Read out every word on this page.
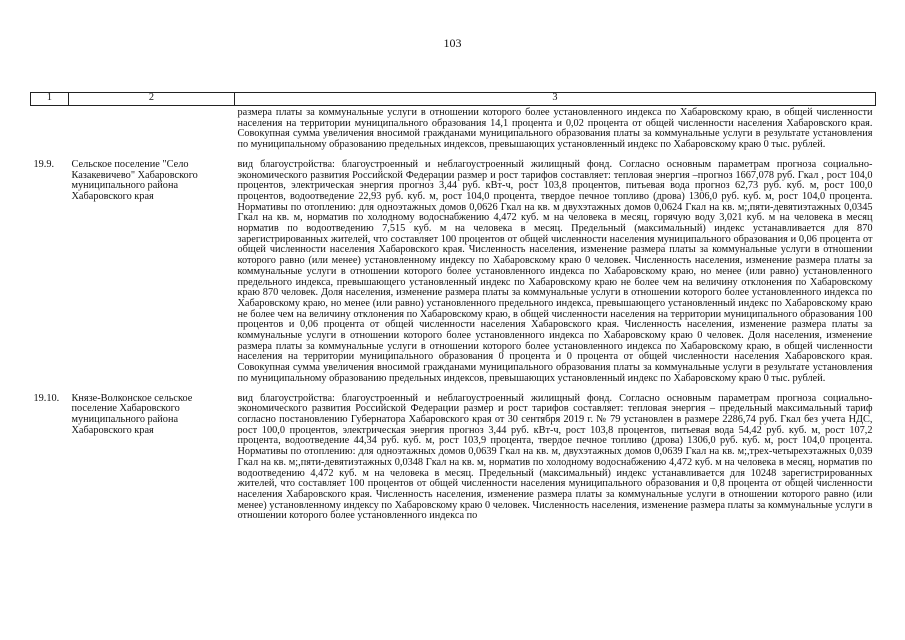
103
1	2	3
		размера платы за коммунальные услуги в отношении которого более установленного индекса по Хабаровскому краю, в общей численности населения на территории муниципального образования 14,1 процента и 0,02 процента от общей численности населения Хабаровского края. Совокупная сумма увеличения вносимой гражданами муниципального образования платы за коммунальные услуги в результате установления по муниципальному образованию предельных индексов, превышающих установленный индекс по Хабаровскому краю 0 тыс. рублей.
19.9.	Сельское поселение "Село Казакевичево" Хабаровского муниципального района Хабаровского края	вид благоустройства: благоустроенный и неблагоустроенный жилищный фонд. Согласно основным параметрам прогноза социально-экономического развития Российской Федерации размер и рост тарифов составляет: тепловая энергия –прогноз 1667,078 руб. Гкал , рост 104,0 процентов, электрическая энергия прогноз 3,44 руб. кВт-ч, рост 103,8 процентов, питьевая вода прогноз 62,73 руб. куб. м, рост 100,0 процентов, водоотведение 22,93 руб. куб. м, рост 104,0 процента, твердое печное топливо (дрова) 1306,0 руб. куб. м, рост 104,0 процента. Нормативы по отоплению: для одноэтажных домов 0,0626 Гкал на кв. м двухэтажных домов 0,0624 Гкал на кв. м;,пяти-девятиэтажных 0,0345 Гкал на кв. м, норматив по холодному водоснабжению 4,472 куб. м на человека в месяц, горячую воду 3,021 куб. м на человека в месяц норматив по водоотведению 7,515 куб. м на человека в месяц. Предельный (максимальный) индекс устанавливается для 870 зарегистрированных жителей, что составляет 100 процентов от общей численности населения муниципального образования и 0,06 процента от общей численности населения Хабаровского края. Численность населения, изменение размера платы за коммунальные услуги в отношении которого равно (или менее) установленному индексу по Хабаровскому краю 0 человек. Численность населения, изменение размера платы за коммунальные услуги в отношении которого более установленного индекса по Хабаровскому краю, но менее (или равно) установленного предельного индекса, превышающего установленный индекс по Хабаровскому краю не более чем на величину отклонения по Хабаровскому краю 870 человек. Доля населения, изменение размера платы за коммунальные услуги в отношении которого более установленного индекса по Хабаровскому краю, но менее (или равно) установленного предельного индекса, превышающего установленный индекс по Хабаровскому краю не более чем на величину отклонения по Хабаровскому краю, в общей численности населения на территории муниципального образования 100 процентов и 0,06 процента от общей численности населения Хабаровского края. Численность населения, изменение размера платы за коммунальные услуги в отношении которого более установленного индекса по Хабаровскому краю 0 человек. Доля населения, изменение размера платы за коммунальные услуги в отношении которого более установленного индекса по Хабаровскому краю, в общей численности населения на территории муниципального образования 0 процента и 0 процента от общей численности населения Хабаровского края. Совокупная сумма увеличения вносимой гражданами муниципального образования платы за коммунальные услуги в результате установления по муниципальному образованию предельных индексов, превышающих установленный индекс по Хабаровскому краю 0 тыс. рублей.
19.10.	Князе-Волконское сельское поселение Хабаровского муниципального района Хабаровского края	вид благоустройства: благоустроенный и неблагоустроенный жилищный фонд. Согласно основным параметрам прогноза социально-экономического развития Российской Федерации размер и рост тарифов составляет: тепловая энергия – предельный максимальный тариф согласно постановлению Губернатора Хабаровского края от 30 сентября 2019 г. № 79 установлен в размере 2286,74 руб. Гкал без учета НДС, рост 100,0 процентов, электрическая энергия прогноз 3,44 руб. кВт-ч, рост 103,8 процентов, питьевая вода 54,42 руб. куб. м, рост 107,2 процента, водоотведение 44,34 руб. куб. м, рост 103,9 процента, твердое печное топливо (дрова) 1306,0 руб. куб. м, рост 104,0 процента. Нормативы по отоплению: для одноэтажных домов 0,0639 Гкал на кв. м, двухэтажных домов 0,0639 Гкал на кв. м;,трех-четырехэтажных 0,039 Гкал на кв. м;,пяти-девятиэтажных 0,0348 Гкал на кв. м, норматив по холодному водоснабжению 4,472 куб. м на человека в месяц, норматив по водоотведению 4,472 куб. м на человека в месяц. Предельный (максимальный) индекс устанавливается для 10248 зарегистрированных жителей, что составляет 100 процентов от общей численности населения муниципального образования и 0,8 процента от общей численности населения Хабаровского края. Численность населения, изменение размера платы за коммунальные услуги в отношении которого равно (или менее) установленному индексу по Хабаровскому краю 0 человек. Численность населения, изменение размера платы за коммунальные услуги в отношении которого более установленного индекса по
